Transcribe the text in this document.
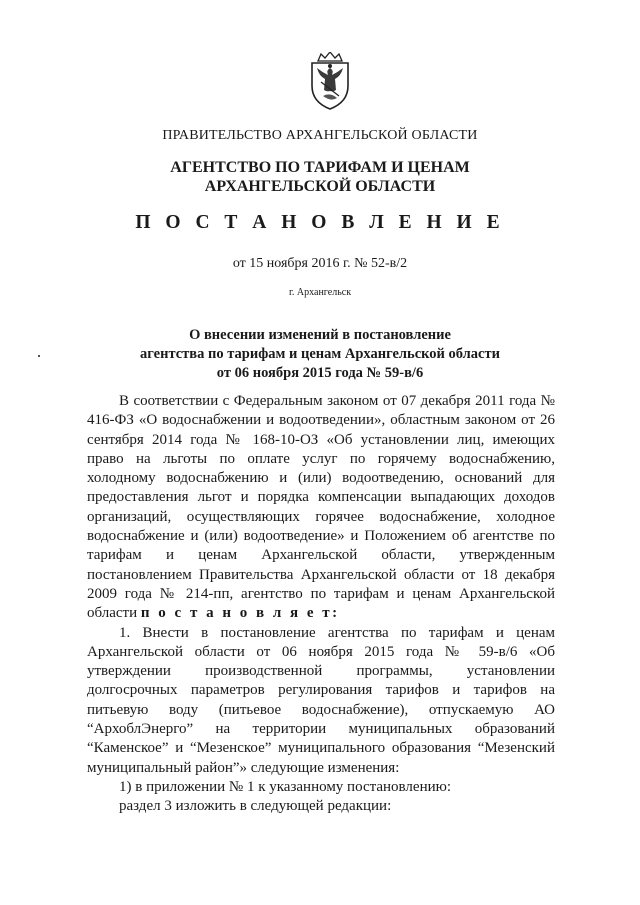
ПРАВИТЕЛЬСТВО АРХАНГЕЛЬСКОЙ ОБЛАСТИ
АГЕНТСТВО ПО ТАРИФАМ И ЦЕНАМ
АРХАНГЕЛЬСКОЙ ОБЛАСТИ
П О С Т А Н О В Л Е Н И Е
от 15 ноября 2016 г. № 52-в/2
г. Архангельск
О внесении изменений в постановление
агентства по тарифам и ценам Архангельской области
от 06 ноября 2015 года № 59-в/6

В соответствии с Федеральным законом от 07 декабря 2011 года № 416-ФЗ «О водоснабжении и водоотведении», областным законом от 26 сентября 2014 года № 168-10-ОЗ «Об установлении лиц, имеющих право на льготы по оплате услуг по горячему водоснабжению, холодному водоснабжению и (или) водоотведению, оснований для предоставления льгот и порядка компенсации выпадающих доходов организаций, осуществляющих горячее водоснабжение, холодное водоснабжение и (или) водоотведение» и Положением об агентстве по тарифам и ценам Архангельской области, утвержденным постановлением Правительства Архангельской области от 18 декабря 2009 года № 214-пп, агентство по тарифам и ценам Архангельской области п о с т а н о в л я е т:

1. Внести в постановление агентства по тарифам и ценам Архангельской области от 06 ноября 2015 года № 59-в/6 «Об утверждении производственной программы, установлении долгосрочных параметров регулирования тарифов и тарифов на питьевую воду (питьевое водоснабжение), отпускаемую АО “АрхоблЭнерго” на территории муниципальных образований “Каменское” и “Мезенское” муниципального образования “Мезенский муниципальный район”» следующие изменения:

1) в приложении № 1 к указанному постановлению:

раздел 3 изложить в следующей редакции:
